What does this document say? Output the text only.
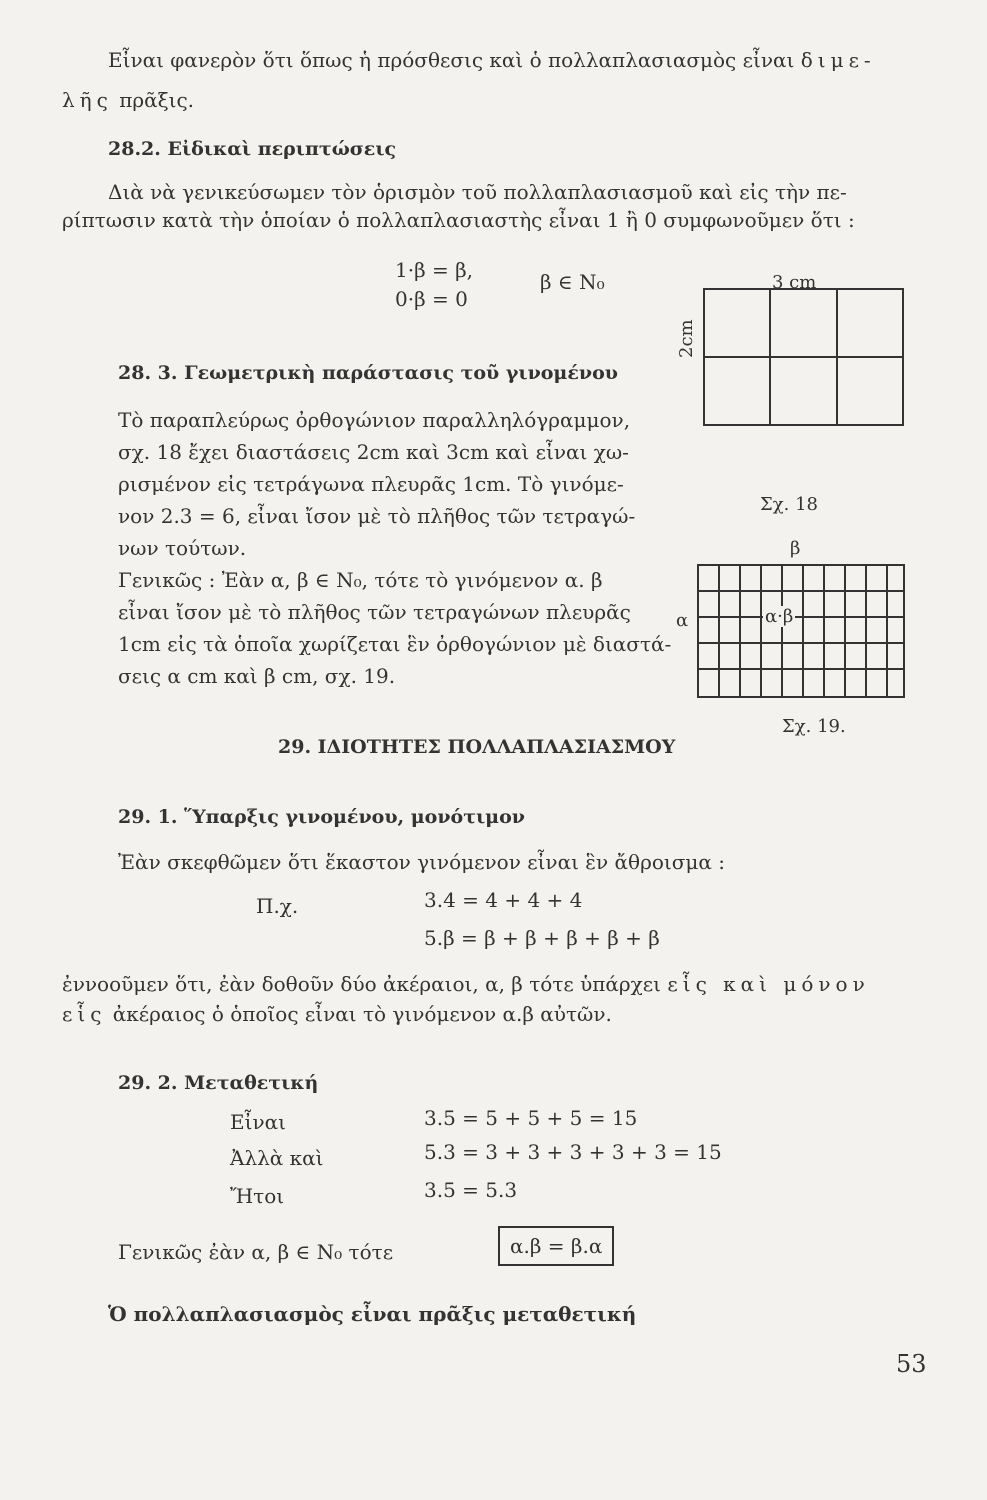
Εἶναι φανερὸν ὅτι ὅπως ἡ πρόσθεσις καὶ ὁ πολλαπλασιασμὸς εἶναι διμε-
λῆς πρᾶξις.
28.2. Εἰδικαὶ περιπτώσεις
Διὰ νὰ γενικεύσωμεν τὸν ὁρισμὸν τοῦ πολλαπλασιασμοῦ καὶ εἰς τὴν πε-
ρίπτωσιν κατὰ τὴν ὁποίαν ὁ πολλαπλασιαστὴς εἶναι 1 ἢ 0 συμφωνοῦμεν ὅτι :
1·β = β,
0·β = 0
β ∈ N₀
28. 3. Γεωμετρικὴ παράστασις τοῦ γινομένου
Τὸ παραπλεύρως ὀρθογώνιον παραλληλόγραμμον,
σχ. 18 ἔχει διαστάσεις 2cm καὶ 3cm καὶ εἶναι χω-
ρισμένον εἰς τετράγωνα πλευρᾶς 1cm. Τὸ γινόμε-
νον 2.3 = 6, εἶναι ἴσον μὲ τὸ πλῆθος τῶν τετραγώ-
νων τούτων.
Γενικῶς : Ἐὰν α, β ∈ N₀, τότε τὸ γινόμενον α. β
εἶναι ἴσον μὲ τὸ πλῆθος τῶν τετραγώνων πλευρᾶς
1cm εἰς τὰ ὁποῖα χωρίζεται ἓν ὀρθογώνιον μὲ διαστά-
σεις α cm καὶ β cm, σχ. 19.
3 cm
2cm
Σχ. 18
β
α	α·β
Σχ. 19.
29. ΙΔΙΟΤΗΤΕΣ ΠΟΛΛΑΠΛΑΣΙΑΣΜΟΥ
29. 1. Ὕπαρξις γινομένου, μονότιμον
Ἐὰν σκεφθῶμεν ὅτι ἕκαστον γινόμενον εἶναι ἓν ἄθροισμα :
Π.χ.	3.4 = 4 + 4 + 4
5.β = β + β + β + β + β
ἐννοοῦμεν ὅτι, ἐὰν δοθοῦν δύο ἀκέραιοι, α, β τότε ὑπάρχει εἷς καὶ μόνον
εἷς ἀκέραιος ὁ ὁποῖος εἶναι τὸ γινόμενον α.β αὐτῶν.
29. 2. Μεταθετική
Εἶναι	3.5 = 5 + 5 + 5 = 15
Ἀλλὰ καὶ	5.3 = 3 + 3 + 3 + 3 + 3 = 15
Ἤτοι	3.5 = 5.3
Γενικῶς ἐὰν α, β ∈ N₀ τότε	α.β = β.α
Ὁ πολλαπλασιασμὸς εἶναι πρᾶξις μεταθετική
53
